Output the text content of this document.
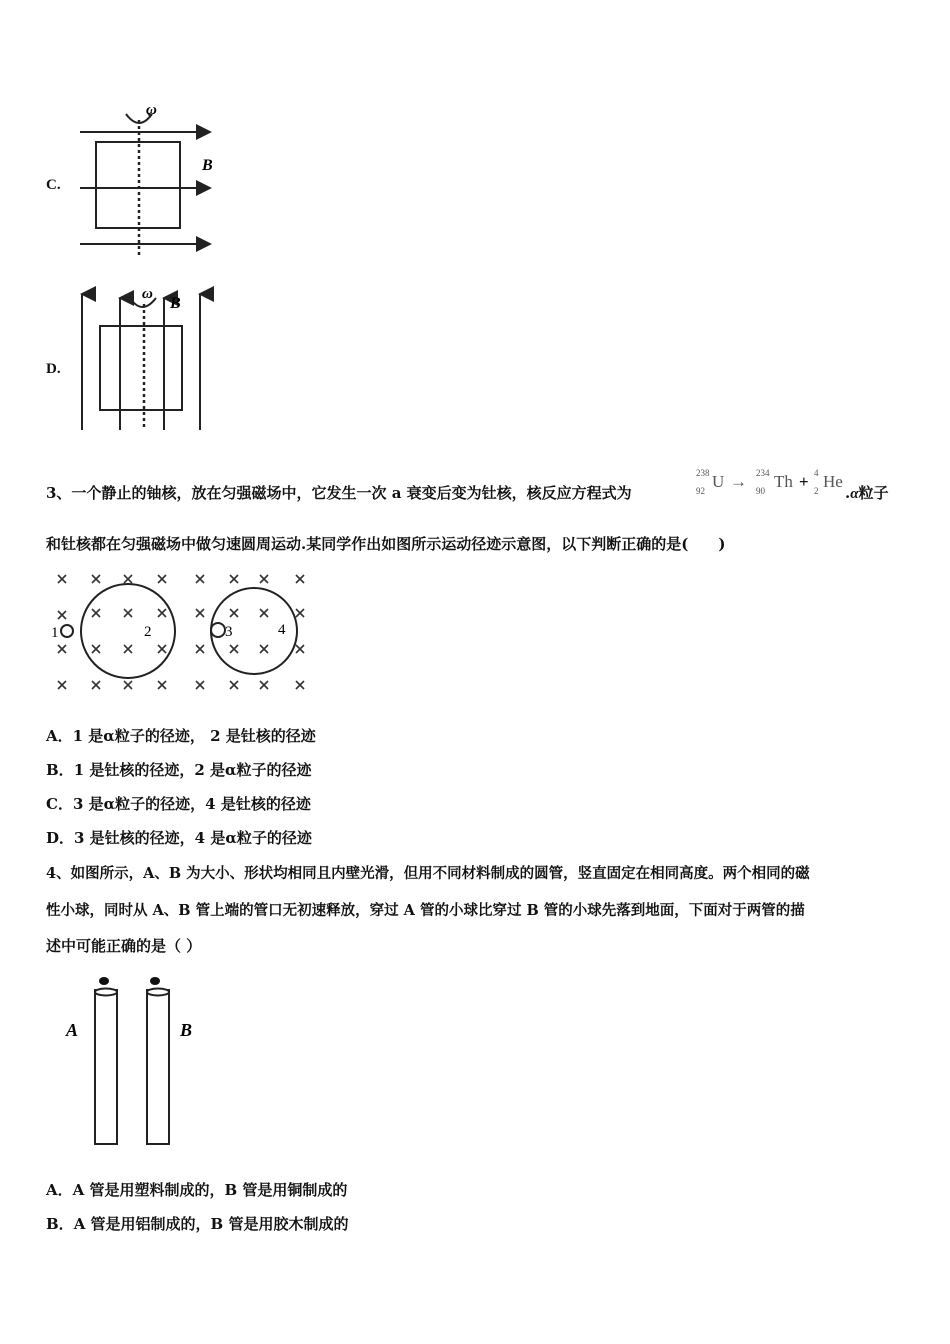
C.
ω
B
D.
ω
B
3、一个静止的铀核，放在匀强磁场中，它发生一次 a 衰变后变为钍核，核反应方程式为
238
92 U → 234
90 Th + 4
2 He
.α粒子
和钍核都在匀强磁场中做匀速圆周运动.某同学作出如图所示运动径迹示意图，以下判断正确的是(　　)
1	2	3	4
A．1 是α粒子的径迹， 2 是钍核的径迹
B．1 是钍核的径迹，2 是α粒子的径迹
C．3 是α粒子的径迹，4 是钍核的径迹
D．3 是钍核的径迹，4 是α粒子的径迹
4、如图所示，A、B 为大小、形状均相同且内壁光滑，但用不同材料制成的圆管，竖直固定在相同高度。两个相同的磁
性小球，同时从 A、B 管上端的管口无初速释放，穿过 A 管的小球比穿过 B 管的小球先落到地面，下面对于两管的描
述中可能正确的是（ ）
A	B
A．A 管是用塑料制成的，B 管是用铜制成的
B．A 管是用铝制成的，B 管是用胶木制成的
